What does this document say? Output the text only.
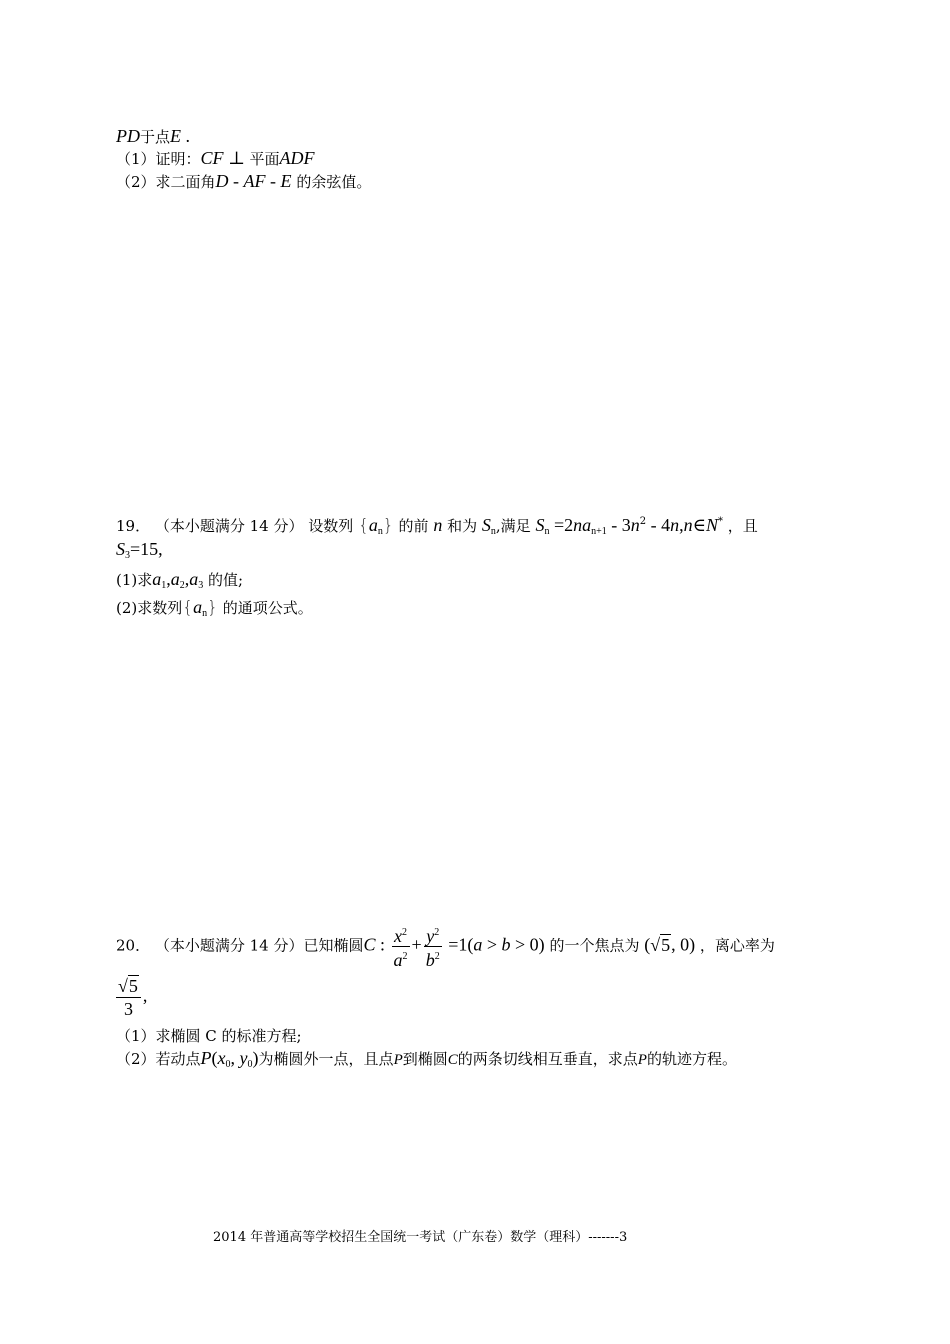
PD于点E .
（1）证明：CF ⊥ 平面ADF
（2）求二面角D - AF - E 的余弦值。
19． （本小题满分 14 分） 设数列 $\{a_n\}$ 的前 n 和为 $S_n$,满足 $S_n =2na_{n+1} - 3n^2$ - 4n,n∈N* ，且
$S_3=15$,
(1)求$a_1,a_2,a_3$ 的值;
(2)求数列$\{a_n\}$ 的通项公式。
20． （本小题满分 14 分）已知椭圆C : $\frac{x^2}{a^2} + \frac{y^2}{b^2} =1(a > b > 0)$ 的一个焦点为 (√5, 0) ，离心率为
$\frac{√5}{3}$ ,
（1）求椭圆 C 的标准方程;
（2）若动点$P(x_0$, $y_0$)为椭圆外一点，且点P到椭圆C的两条切线相互垂直，求点P的轨迹方程。
2014 年普通高等学校招生全国统一考试（广东卷）数学（理科）-------3
